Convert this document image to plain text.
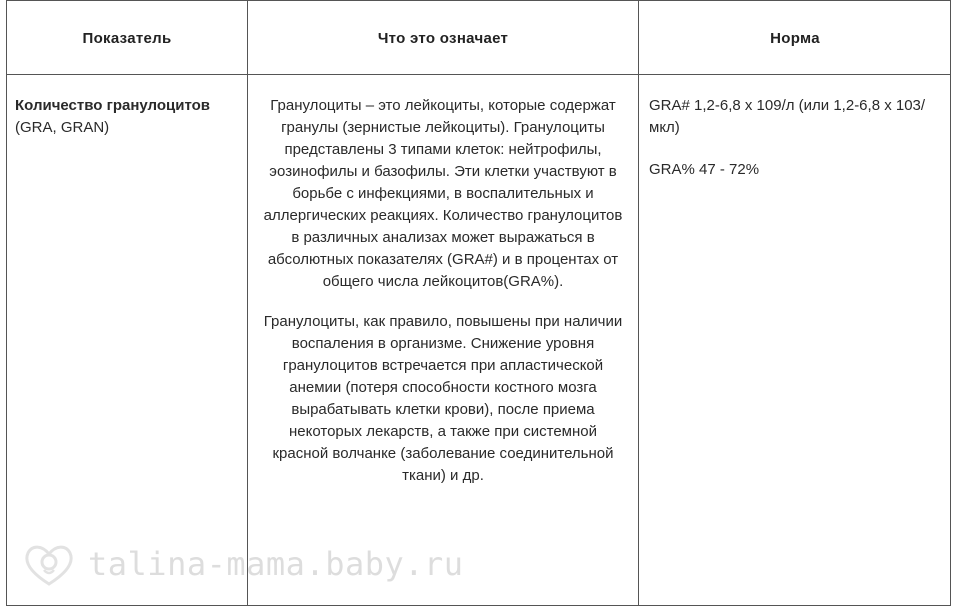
Показатель	Что это означает	Норма
Количество гранулоцитов (GRA, GRAN)

Гранулоциты – это лейкоциты, которые содержат гранулы (зернистые лейкоциты). Гранулоциты представлены 3 типами клеток: нейтрофилы, эозинофилы и базофилы. Эти клетки участвуют в борьбе с инфекциями, в воспалительных и аллергических реакциях. Количество гранулоцитов в различных анализах может выражаться в абсолютных показателях (GRA#) и в процентах от общего числа лейкоцитов(GRA%).

Гранулоциты, как правило, повышены при наличии воспаления в организме. Снижение уровня гранулоцитов встречается при апластической анемии (потеря способности костного мозга вырабатывать клетки крови), после приема некоторых лекарств, а также при системной красной волчанке (заболевание соединительной ткани) и др.

GRA# 1,2-6,8 х 109/л (или 1,2-6,8 х 103/мкл)

GRA% 47 - 72%

talina-mama.baby.ru
